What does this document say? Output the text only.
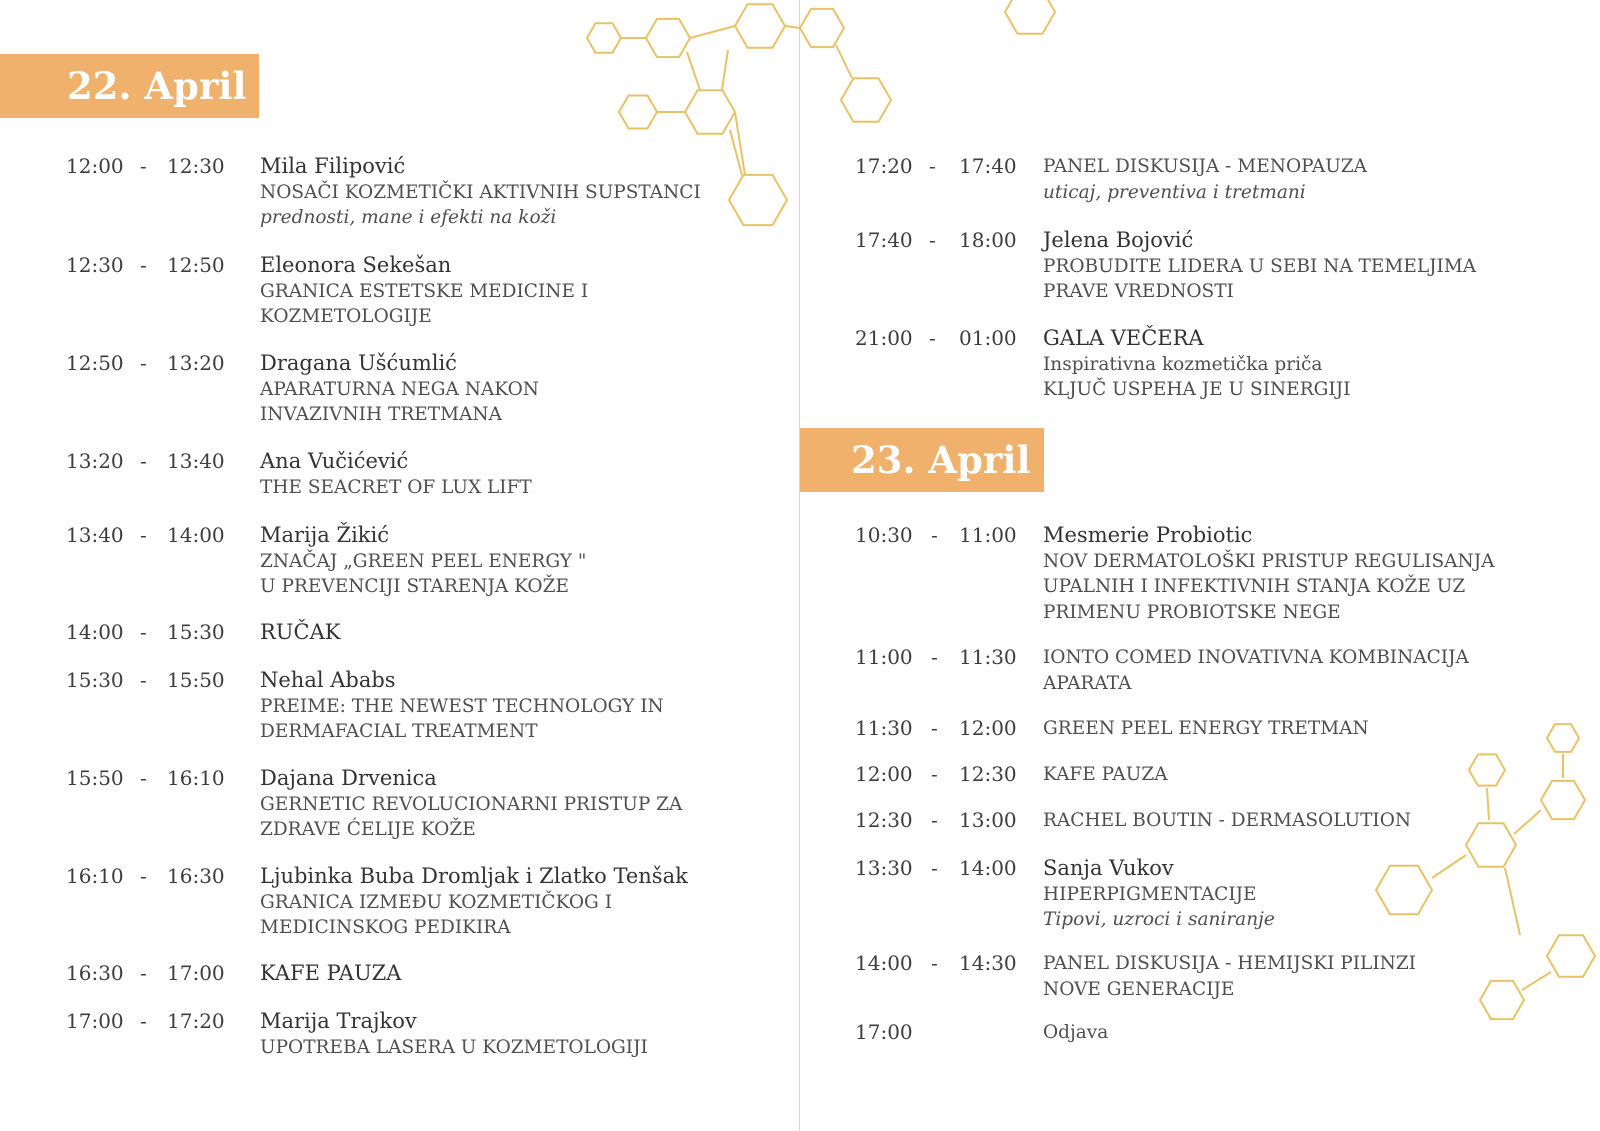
22. April
23. April
12:00 - 12:30 Mila Filipović
NOSAČI KOZMETIČKI AKTIVNIH SUPSTANCI
prednosti, mane i efekti na koži
12:30 - 12:50 Eleonora Sekešan
GRANICA ESTETSKE MEDICINE I
KOZMETOLOGIJE
12:50 - 13:20 Dragana Ušćumlić
APARATURNA NEGA NAKON
INVAZIVNIH TRETMANA
13:20 - 13:40 Ana Vučićević
THE SEACRET OF LUX LIFT
13:40 - 14:00 Marija Žikić
ZNAČAJ „GREEN PEEL ENERGY "
U PREVENCIJI STARENJA KOŽE
14:00 - 15:30 RUČAK
15:30 - 15:50 Nehal Ababs
PREIME: THE NEWEST TECHNOLOGY IN
DERMAFACIAL TREATMENT
15:50 - 16:10 Dajana Drvenica
GERNETIC REVOLUCIONARNI PRISTUP ZA
ZDRAVE ĆELIJE KOŽE
16:10 - 16:30 Ljubinka Buba Dromljak i Zlatko Tenšak
GRANICA IZMEĐU KOZMETIČKOG I
MEDICINSKOG PEDIKIRA
16:30 - 17:00 KAFE PAUZA
17:00 - 17:20 Marija Trajkov
UPOTREBA LASERA U KOZMETOLOGIJI
17:20 - 17:40 PANEL DISKUSIJA - MENOPAUZA
uticaj, preventiva i tretmani
17:40 - 18:00 Jelena Bojović
PROBUDITE LIDERA U SEBI NA TEMELJIMA
PRAVE VREDNOSTI
21:00 - 01:00 GALA VEČERA
Inspirativna kozmetička priča
KLJUČ USPEHA JE U SINERGIJI
10:30 - 11:00 Mesmerie Probiotic
NOV DERMATOLOŠKI PRISTUP REGULISANJA
UPALNIH I INFEKTIVNIH STANJA KOŽE UZ
PRIMENU PROBIOTSKE NEGE
11:00 - 11:30 IONTO COMED INOVATIVNA KOMBINACIJA
APARATA
11:30 - 12:00 GREEN PEEL ENERGY TRETMAN
12:00 - 12:30 KAFE PAUZA
12:30 - 13:00 RACHEL BOUTIN - DERMASOLUTION
13:30 - 14:00 Sanja Vukov
HIPERPIGMENTACIJE
Tipovi, uzroci i saniranje
14:00 - 14:30 PANEL DISKUSIJA - HEMIJSKI PILINZI
NOVE GENERACIJE
17:00	Odjava
